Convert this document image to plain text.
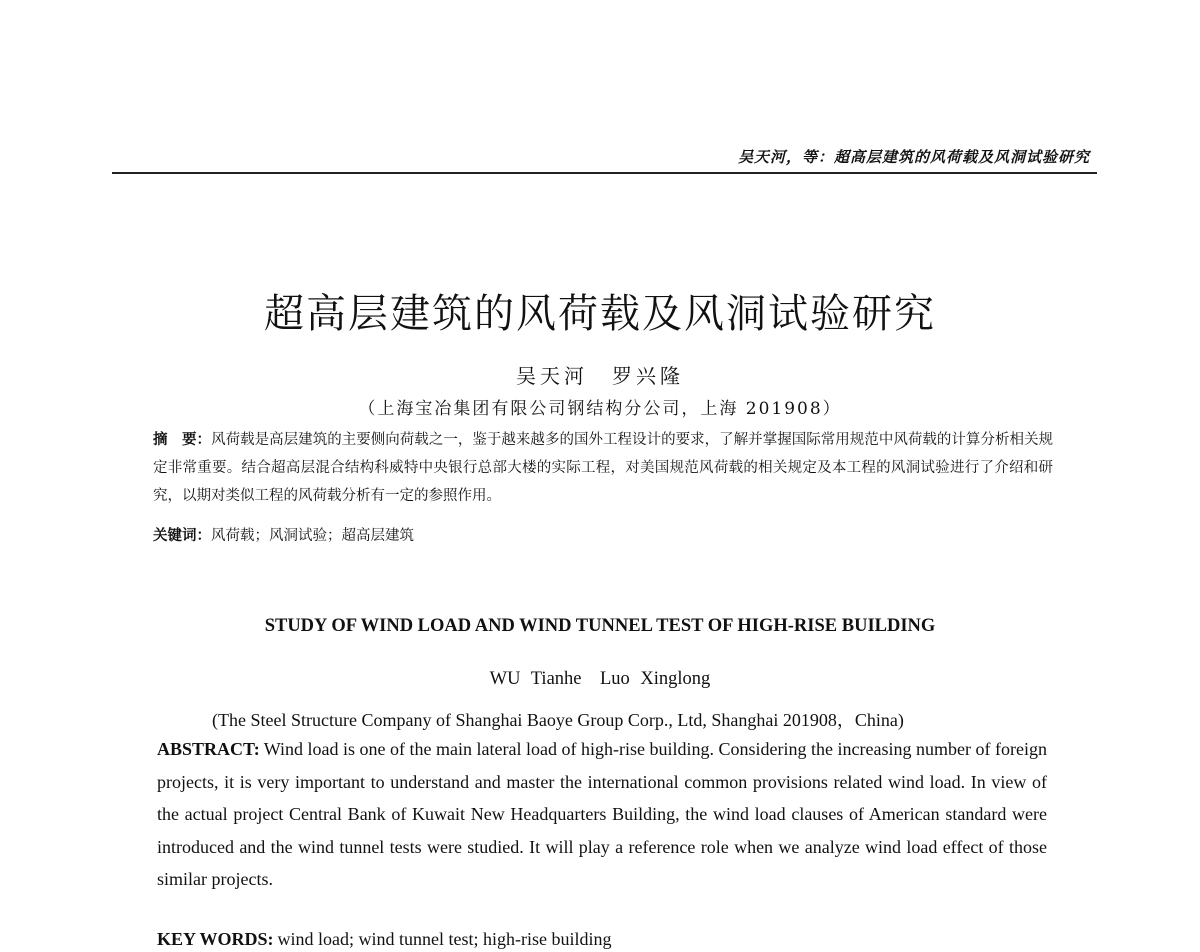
吴天河，等：超高层建筑的风荷载及风洞试验研究
超高层建筑的风荷载及风洞试验研究
吴天河　罗兴隆
（上海宝冶集团有限公司钢结构分公司，上海 201908）
摘　要：风荷载是高层建筑的主要侧向荷载之一，鉴于越来越多的国外工程设计的要求，了解并掌握国际常用规范中风荷载的计算分析相关规定非常重要。结合超高层混合结构科威特中央银行总部大楼的实际工程，对美国规范风荷载的相关规定及本工程的风洞试验进行了介绍和研究，以期对类似工程的风荷载分析有一定的参照作用。
关键词：风荷载；风洞试验；超高层建筑
STUDY OF WIND LOAD AND WIND TUNNEL TEST OF HIGH-RISE BUILDING
WU Tianhe　Luo Xinglong
(The Steel Structure Company of Shanghai Baoye Group Corp., Ltd, Shanghai 201908，China)
ABSTRACT: Wind load is one of the main lateral load of high-rise building. Considering the increasing number of foreign projects, it is very important to understand and master the international common provisions related wind load. In view of the actual project Central Bank of Kuwait New Headquarters Building, the wind load clauses of American standard were introduced and the wind tunnel tests were studied. It will play a reference role when we analyze wind load effect of those similar projects.
KEY WORDS: wind load; wind tunnel test; high-rise building
